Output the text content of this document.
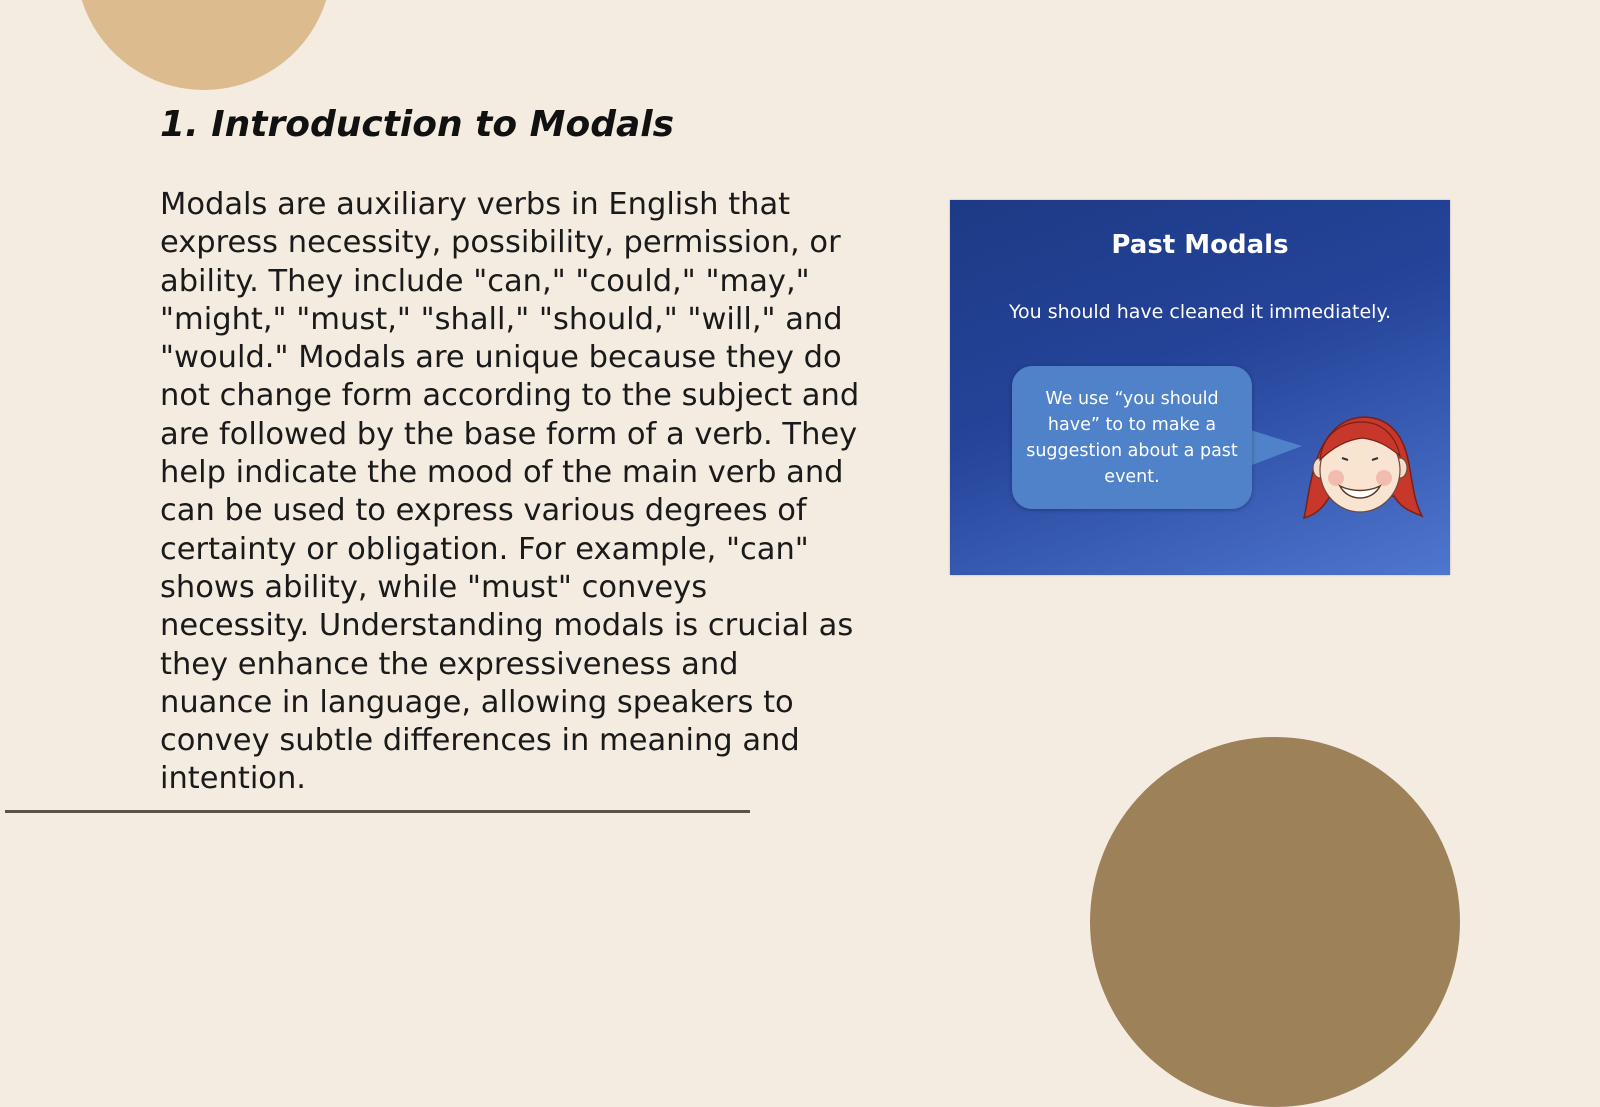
1. Introduction to Modals

Modals are auxiliary verbs in English that express necessity, possibility, permission, or ability. They include "can," "could," "may," "might," "must," "shall," "should," "will," and "would." Modals are unique because they do not change form according to the subject and are followed by the base form of a verb. They help indicate the mood of the main verb and can be used to express various degrees of certainty or obligation. For example, "can" shows ability, while "must" conveys necessity. Understanding modals is crucial as they enhance the expressiveness and nuance in language, allowing speakers to convey subtle differences in meaning and intention.

Past Modals
You should have cleaned it immediately.
We use “you should have” to to make a suggestion about a past event.
